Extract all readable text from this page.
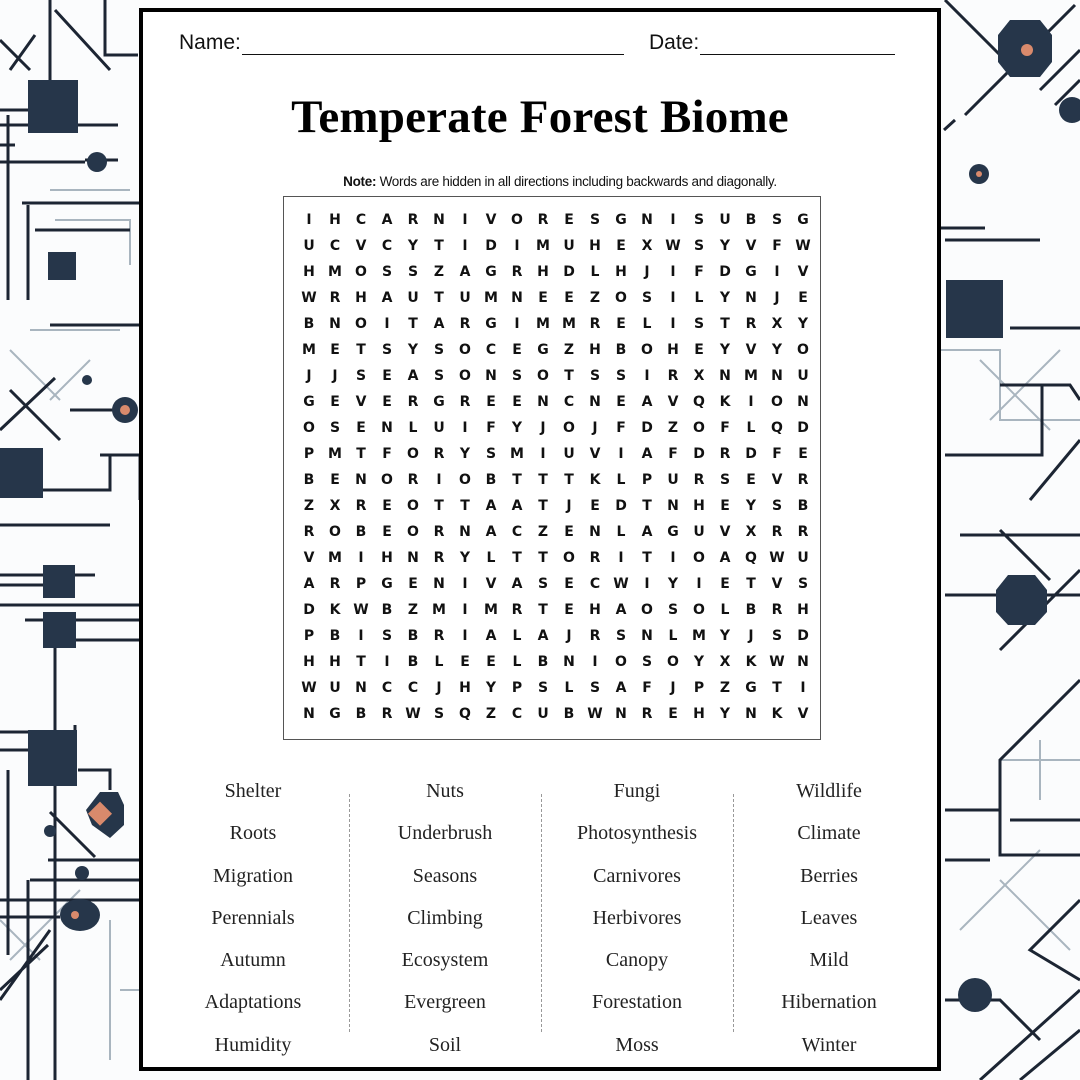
Name:	Date:
Temperate Forest Biome
Note: Words are hidden in all directions including backwards and diagonally.
I	H	C	A	R	N	I	V	O	R	E	S	G	N	I	S	U	B	S	G
U	C	V	C	Y	T	I	D	I	M U	H	E	X W S	Y	V	F W
H M O	S	S	Z	A	G	R	H	D	L	H	J	I	F	D	G	I	V
W R	H	A	U	T	U M N	E	E	Z	O	S	I	L	Y	N	J	E
B	N	O	I	T	A	R	G	I	M M R	E	L	I	S	T	R	X	Y
M	E	T	S	Y	S	O	C	E	G	Z	H	B	O	H	E	Y	V	Y	O
J	J	S	E	A	S	O	N	S	O	T	S	S	I	R	X	N M N	U
G	E	V	E	R	G	R	E	E	N	C	N	E	A	V	Q	K	I	O	N
O	S	E	N	L	U	I	F	Y	J	O	J	F	D	Z	O	F	L	Q	D
P M	T	F	O	R	Y	S M	I	U	V	I	A	F	D	R	D	F	E
B	E	N	O	R	I	O	B	T	T	T	K	L	P	U	R	S	E	V	R
Z	X	R	E	O	T	T	A	A	T	J	E	D	T	N	H	E	Y	S	B
R	O	B	E	O	R	N	A	C	Z	E	N	L	A	G	U	V	X	R	R
V M	I	H	N	R	Y	L	T	T	O	R	I	T	I	O	A	Q W U
A	R	P	G	E	N	I	V	A	S	E	C W	I	Y	I	E	T	V	S
D	K W B	Z M	I	M R	T	E	H	A	O	S	O	L	B	R	H
P	B	I	S	B	R	I	A	L	A	J	R	S	N	L	M Y	J	S	D
H	H	T	I	B	L	E	E	L	B	N	I	O	S	O	Y	X	K W N
W U	N	C	C	J	H	Y	P	S	L	S	A	F	J	P	Z	G	T	I
N	G	B	R W S	Q	Z	C	U	B W N	R	E	H	Y	N	K	V
Shelter
Roots
Migration
Perennials
Autumn
Adaptations
Humidity
Nuts
Underbrush
Seasons
Climbing
Ecosystem
Evergreen
Soil
Fungi
Photosynthesis
Carnivores
Herbivores
Canopy
Forestation
Moss
Wildlife
Climate
Berries
Leaves
Mild
Hibernation
Winter
